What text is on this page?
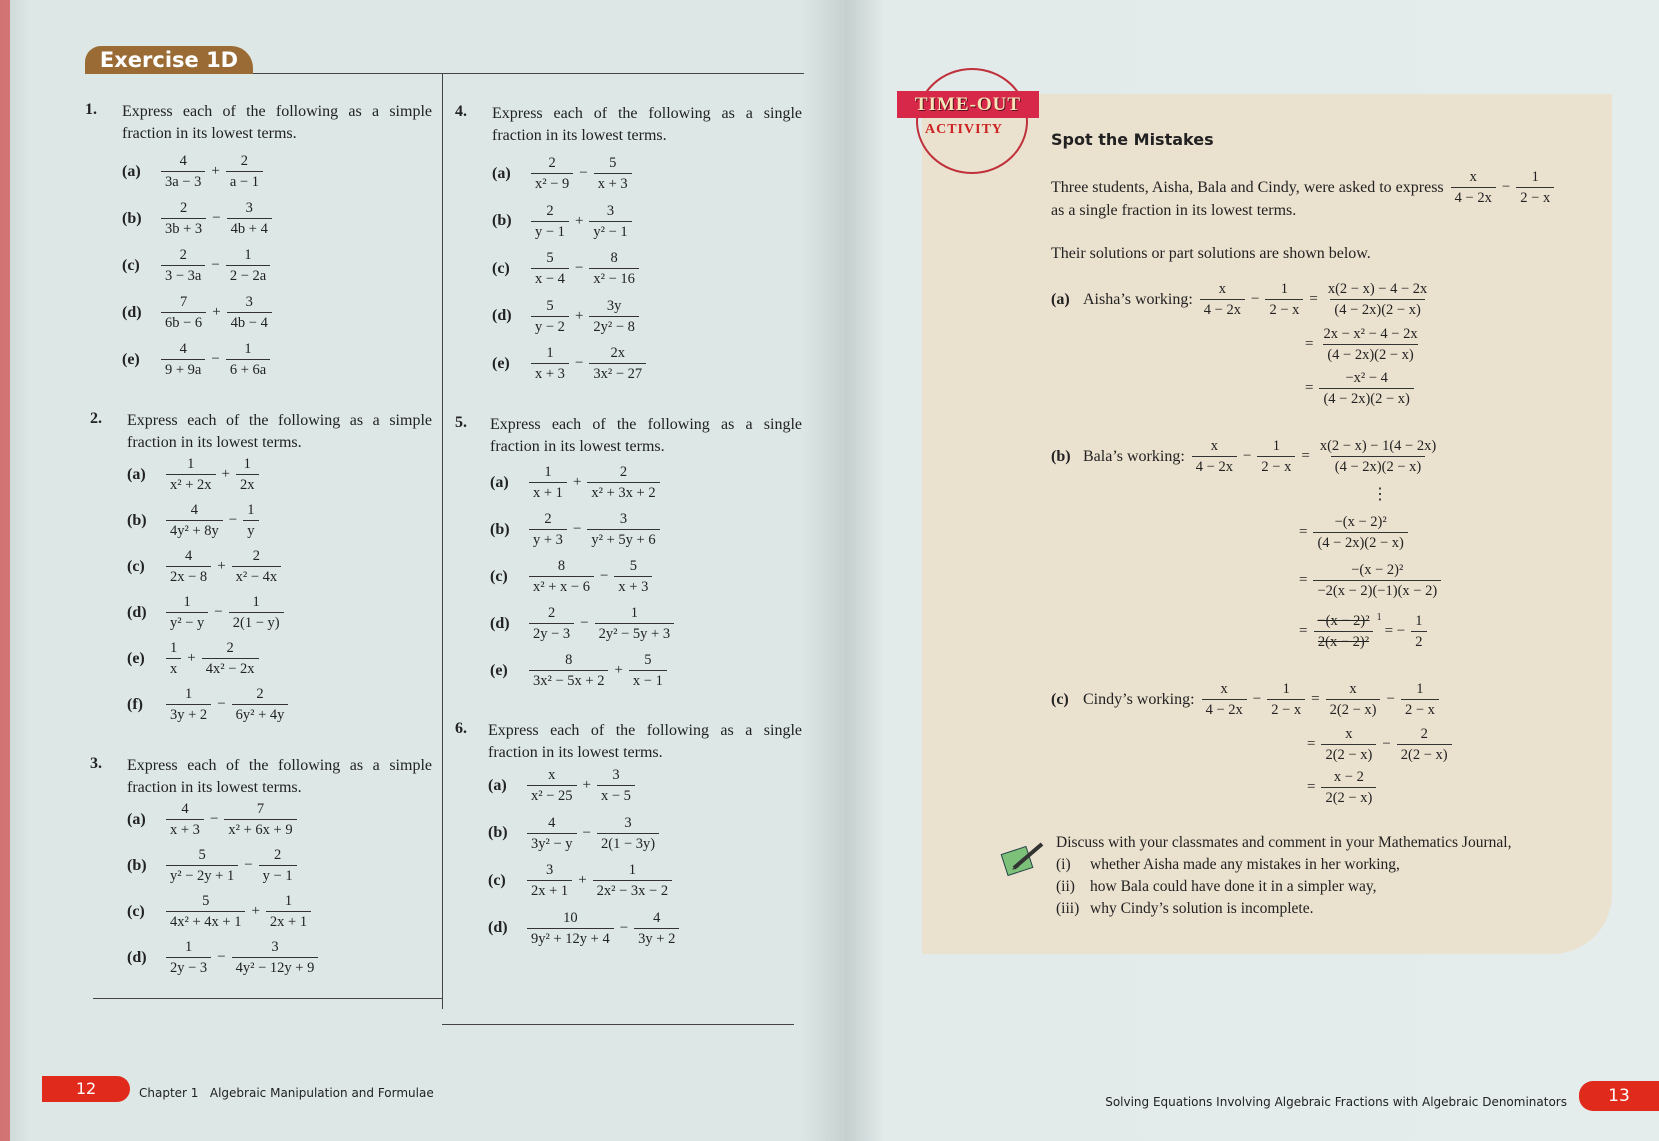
Exercise 1D
1. Express each of the following as a simple fraction in its lowest terms.
(a)	$\frac{4}{3a - 3} + \frac{2}{a - 1}$
(b)	$\frac{2}{3b + 3} - \frac{3}{4b + 4}$
(c)	$\frac{2}{3 - 3a} - \frac{1}{2 - 2a}$
(d)	$\frac{7}{6b - 6} + \frac{3}{4b - 4}$
(e)	$\frac{4}{9 + 9a} - \frac{1}{6 + 6a}$
2. Express each of the following as a simple fraction in its lowest terms.
(a)	$\frac{1}{\text{x² + 2x}} + \frac{1}{2x}$
(b)	$\frac{4}{\text{4y² + 8y}} - \frac{1}{y}$
(c)	$\frac{4}{2x - 8} + \frac{2}{\text{x² − 4x}}$
(d)	$\frac{1}{\text{y² − y}} - \frac{1}{2(1 - y)}$
(e)	$\frac{1}{x} + \frac{2}{\text{4x² − 2x}}$
(f)	$\frac{1}{3y + 2} - \frac{2}{\text{6y² + 4y}}$
3. Express each of the following as a simple fraction in its lowest terms.
(a)	$\frac{4}{x + 3} - \frac{7}{\text{x² + 6x + 9}}$
(b)	$\frac{5}{\text{y² − 2y + 1}} - \frac{2}{y - 1}$
(c)	$\frac{5}{\text{4x² + 4x + 1}} + \frac{1}{2x + 1}$
(d)	$\frac{1}{2y - 3} - \frac{3}{\text{4y² − 12y + 9}}$
4. Express each of the following as a single fraction in its lowest terms.
(a)	$\frac{2}{\text{x² − 9}} - \frac{5}{x + 3}$
(b)	$\frac{2}{y - 1} + \frac{3}{\text{y² − 1}}$
(c)	$\frac{5}{x - 4} - \frac{8}{\text{x² − 16}}$
(d)	$\frac{5}{y - 2} + \frac{3y}{\text{2y² − 8}}$
(e)	$\frac{1}{x + 3} - \frac{2x}{\text{3x² − 27}}$
5. Express each of the following as a single fraction in its lowest terms.
(a)	$\frac{1}{x + 1} + \frac{2}{\text{x² + 3x + 2}}$
(b)	$\frac{2}{y + 3} - \frac{3}{\text{y² + 5y + 6}}$
(c)	$\frac{8}{\text{x² + x − 6}} - \frac{5}{x + 3}$
(d)	$\frac{2}{2y - 3} - \frac{1}{\text{2y² − 5y + 3}}$
(e)	$\frac{8}{\text{3x² − 5x + 2}} + \frac{5}{x - 1}$
6. Express each of the following as a single fraction in its lowest terms.
(a)	$\frac{x}{\text{x² − 25}} + \frac{3}{x - 5}$
(b)	$\frac{4}{\text{3y² − y}} - \frac{3}{2(1 - 3y)}$
(c)	$\frac{3}{2x + 1} + \frac{1}{\text{2x² − 3x − 2}}$
(d)	$\frac{10}{\text{9y² + 12y + 4}} - \frac{4}{3y + 2}$
12	Chapter 1 Algebraic Manipulation and Formulae
TIME-OUT
ACTIVITY
Spot the Mistakes
Three students, Aisha, Bala and Cindy, were asked to express $\frac{x}{4 - 2x} - \frac{1}{2 - x}$
as a single fraction in its lowest terms.
Their solutions or part solutions are shown below.
(a) Aisha’s working: $\frac{x}{4 - 2x} - \frac{1}{2 - x} = \frac{x(2 - x) - 4 - 2x}{(4 - 2x)(2 - x)}$
= $\frac{\text{2x − x² − 4 − 2x}}{(4 - 2x)(2 - x)}$
= $\frac{\text{−x² − 4}}{(4 - 2x)(2 - x)}$
(b) Bala’s working: $\frac{x}{4 - 2x} - \frac{1}{2 - x} = \frac{x(2 - x) - 1(4 - 2x)}{(4 - 2x)(2 - x)}$
= $\frac{\text{−(x − 2)²}}{(4 - 2x)(2 - x)}$
= $\frac{\text{−(x − 2)²}}{-2(x - 2)(-1)(x - 2)}$
⋮
= $\frac{\text{−(x − 2)²}}{\text{2(x − 2)²}} 1$
= − $\frac{1}{2}$
(c) Cindy’s working: $\frac{x}{4 - 2x} - \frac{1}{2 - x} = \frac{x}{2(2 - x)} - \frac{1}{2 - x}$
= $\frac{x}{2(2 - x)} - \frac{2}{2(2 - x)}$
= $\frac{x - 2}{2(2 - x)}$
Discuss with your classmates and comment in your Mathematics Journal,
(i) whether Aisha made any mistakes in her working,
(ii) how Bala could have done it in a simpler way,
(iii) why Cindy’s solution is incomplete.
Solving Equations Involving Algebraic Fractions with Algebraic Denominators	13
